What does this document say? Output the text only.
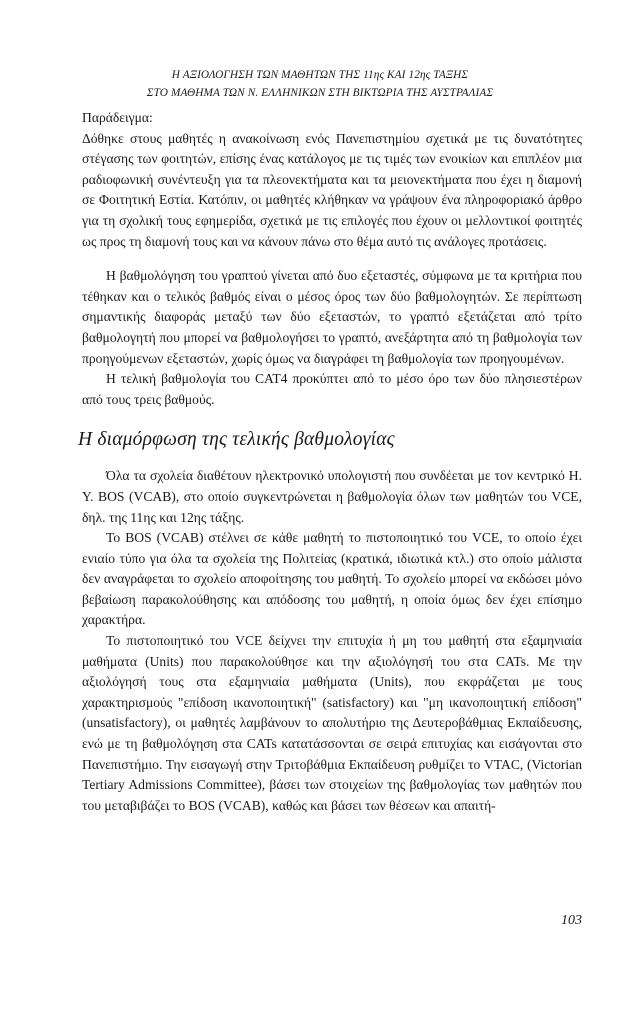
Η ΑΞΙΟΛΟΓΗΣΗ ΤΩΝ ΜΑΘΗΤΩΝ ΤΗΣ 11ης ΚΑΙ 12ης ΤΑΞΗΣ
ΣΤΟ ΜΑΘΗΜΑ ΤΩΝ Ν. ΕΛΛΗΝΙΚΩΝ ΣΤΗ ΒΙΚΤΩΡΙΑ ΤΗΣ ΑΥΣΤΡΑΛΙΑΣ

Παράδειγμα:

Δόθηκε στους μαθητές η ανακοίνωση ενός Πανεπιστημίου σχετικά με τις δυνατότητες στέγασης των φοιτητών, επίσης ένας κατάλογος με τις τιμές των ενοικίων και επιπλέον μια ραδιοφωνική συνέντευξη για τα πλεονεκτήματα και τα μειονεκτήματα που έχει η διαμονή σε Φοιτητική Εστία. Κατόπιν, οι μαθητές κλήθηκαν να γράψουν ένα πληροφοριακό άρθρο για τη σχολική τους εφημερίδα, σχετικά με τις επιλογές που έχουν οι μελλοντικοί φοιτητές ως προς τη διαμονή τους και να κάνουν πάνω στο θέμα αυτό τις ανάλογες προτάσεις.

Η βαθμολόγηση του γραπτού γίνεται από δυο εξεταστές, σύμφωνα με τα κριτήρια που τέθηκαν και ο τελικός βαθμός είναι ο μέσος όρος των δύο βαθμολογητών. Σε περίπτωση σημαντικής διαφοράς μεταξύ των δύο εξεταστών, το γραπτό εξετάζεται από τρίτο βαθμολογητή που μπορεί να βαθμολογήσει το γραπτό, ανεξάρτητα από τη βαθμολογία των προηγούμενων εξεταστών, χωρίς όμως να διαγράφει τη βαθμολογία των προηγουμένων.

Η τελική βαθμολογία του CAT4 προκύπτει από το μέσο όρο των δύο πλησιεστέρων από τους τρεις βαθμούς.

Η διαμόρφωση της τελικής βαθμολογίας

Όλα τα σχολεία διαθέτουν ηλεκτρονικό υπολογιστή που συνδέεται με τον κεντρικό Η. Υ. BOS (VCAB), στο οποίο συγκεντρώνεται η βαθμολογία όλων των μαθητών του VCE, δηλ. της 11ης και 12ης τάξης.

Το BOS (VCAB) στέλνει σε κάθε μαθητή το πιστοποιητικό του VCE, το οποίο έχει ενιαίο τύπο για όλα τα σχολεία της Πολιτείας (κρατικά, ιδιωτικά κτλ.) στο οποίο μάλιστα δεν αναγράφεται το σχολείο αποφοίτησης του μαθητή. Το σχολείο μπορεί να εκδώσει μόνο βεβαίωση παρακολούθησης και απόδοσης του μαθητή, η οποία όμως δεν έχει επίσημο χαρακτήρα.

Το πιστοποιητικό του VCE δείχνει την επιτυχία ή μη του μαθητή στα εξαμηνιαία μαθήματα (Units) που παρακολούθησε και την αξιολόγησή του στα CATs. Με την αξιολόγησή τους στα εξαμηνιαία μαθήματα (Units), που εκφράζεται με τους χαρακτηρισμούς "επίδοση ικανοποιητική" (satisfactory) και "μη ικανοποιητική επίδοση" (unsatisfactory), οι μαθητές λαμβάνουν το απολυτήριο της Δευτεροβάθμιας Εκπαίδευσης, ενώ με τη βαθμολόγηση στα CATs κατατάσσονται σε σειρά επιτυχίας και εισάγονται στο Πανεπιστήμιο. Την εισαγωγή στην Τριτοβάθμια Εκπαίδευση ρυθμίζει το VTAC, (Victorian Tertiary Admissions Committee), βάσει των στοιχείων της βαθμολογίας των μαθητών που του μεταβιβάζει το BOS (VCAB), καθώς και βάσει των θέσεων και απαιτή-

103
